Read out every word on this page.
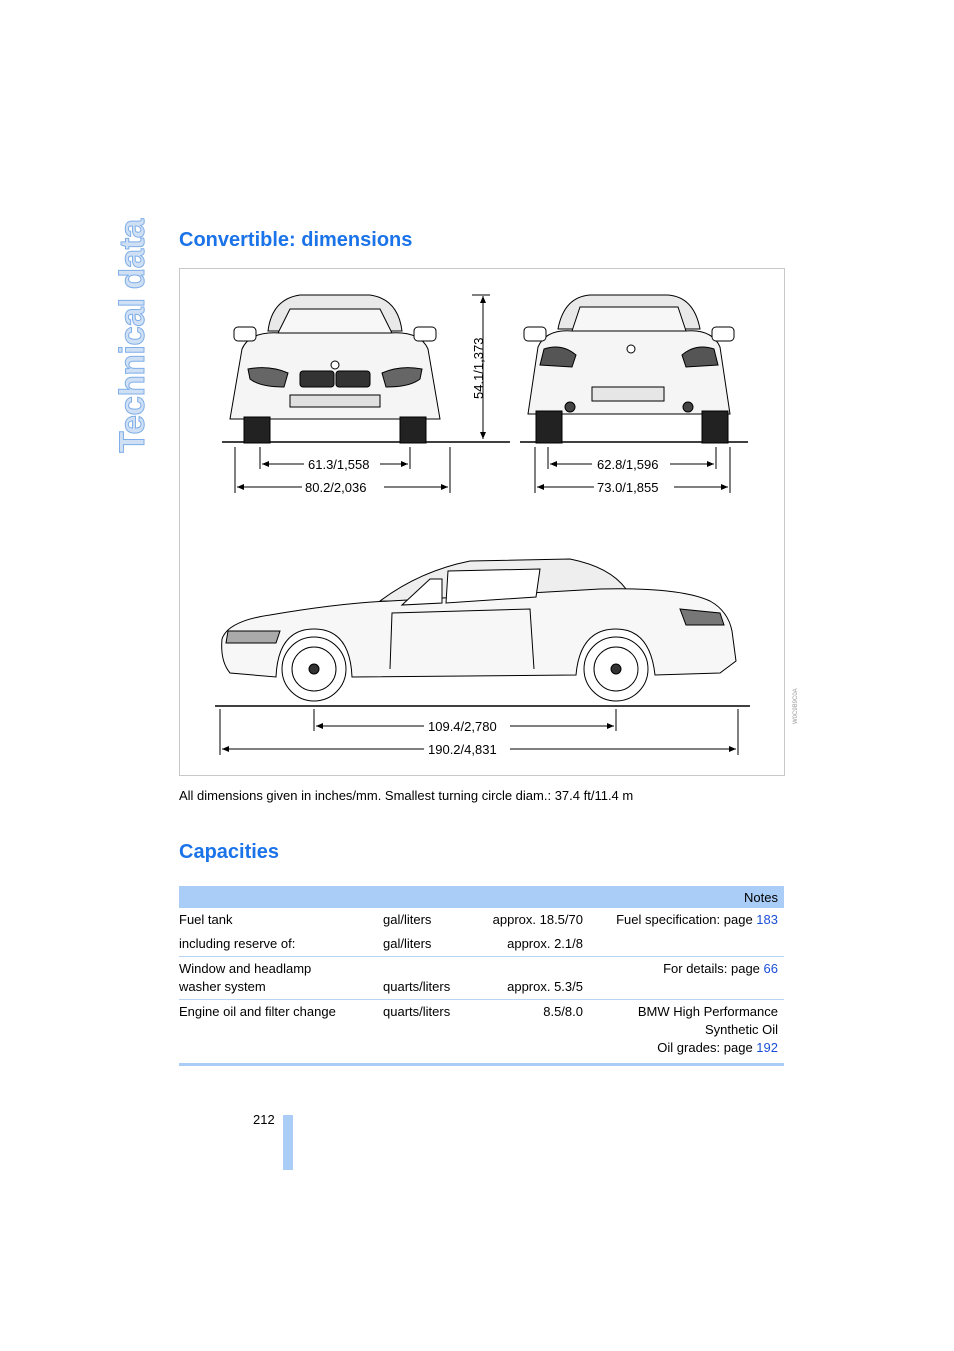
Technical data Convertible: dimensions
54.1/1,373
61.3/1,558
80.2/2,036
62.8/1,596
73.0/1,855
109.4/2,780
190.2/4,831
W0C9B9C0A
All dimensions given in inches/mm. Smallest turning circle diam.: 37.4 ft/11.4 m
Capacities
Notes			
Fuel tank	gal/liters	approx. 18.5/70	Fuel specification: page 183
including reserve of:	gal/liters	approx. 2.1/8	

Window and headlamp
washer system	quarts/liters	approx. 5.3/5	For details: page 66
Engine oil and filter change	quarts/liters	8.5/8.0	BMW High Performance
Synthetic Oil
Oil grades: page 192
212
